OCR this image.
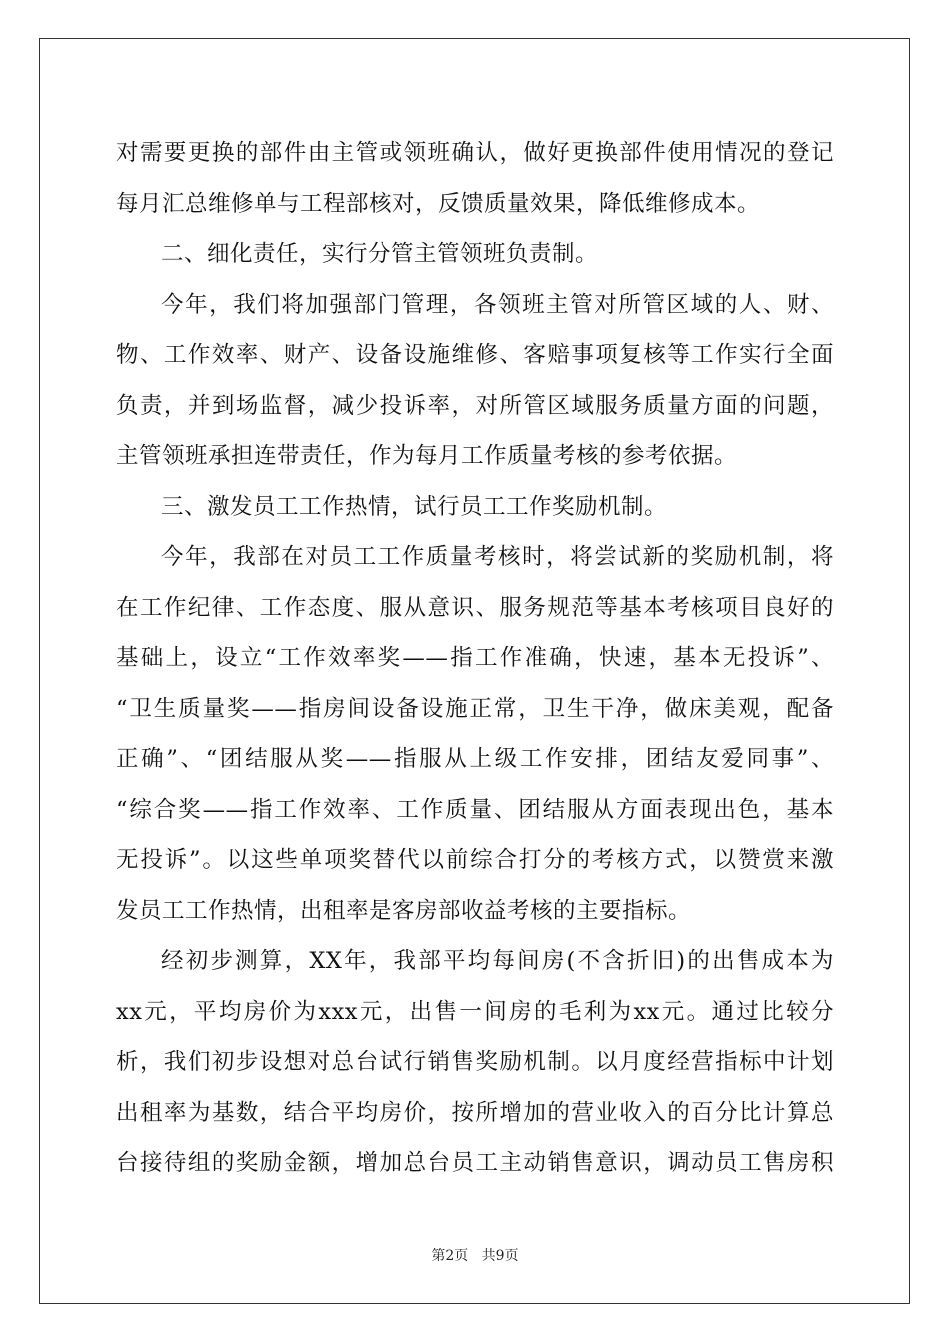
对需要更换的部件由主管或领班确认，做好更换部件使用情况的登记
每月汇总维修单与工程部核对，反馈质量效果，降低维修成本。
二、细化责任，实行分管主管领班负责制。
今年，我们将加强部门管理，各领班主管对所管区域的人、财、
物、工作效率、财产、设备设施维修、客赔事项复核等工作实行全面
负责，并到场监督，减少投诉率，对所管区域服务质量方面的问题，
主管领班承担连带责任，作为每月工作质量考核的参考依据。
三、激发员工工作热情，试行员工工作奖励机制。
今年，我部在对员工工作质量考核时，将尝试新的奖励机制，将
在工作纪律、工作态度、服从意识、服务规范等基本考核项目良好的
基础上，设立“工作效率奖——指工作准确，快速，基本无投诉”、
“卫生质量奖——指房间设备设施正常，卫生干净，做床美观，配备
正确”、“团结服从奖——指服从上级工作安排，团结友爱同事”、
“综合奖——指工作效率、工作质量、团结服从方面表现出色，基本
无投诉”。以这些单项奖替代以前综合打分的考核方式，以赞赏来激
发员工工作热情，出租率是客房部收益考核的主要指标。
经初步测算，XX年，我部平均每间房(不含折旧)的出售成本为
xx元，平均房价为xxx元，出售一间房的毛利为xx元。通过比较分
析，我们初步设想对总台试行销售奖励机制。以月度经营指标中计划
出租率为基数，结合平均房价，按所增加的营业收入的百分比计算总
台接待组的奖励金额，增加总台员工主动销售意识，调动员工售房积
第2页 共9页
